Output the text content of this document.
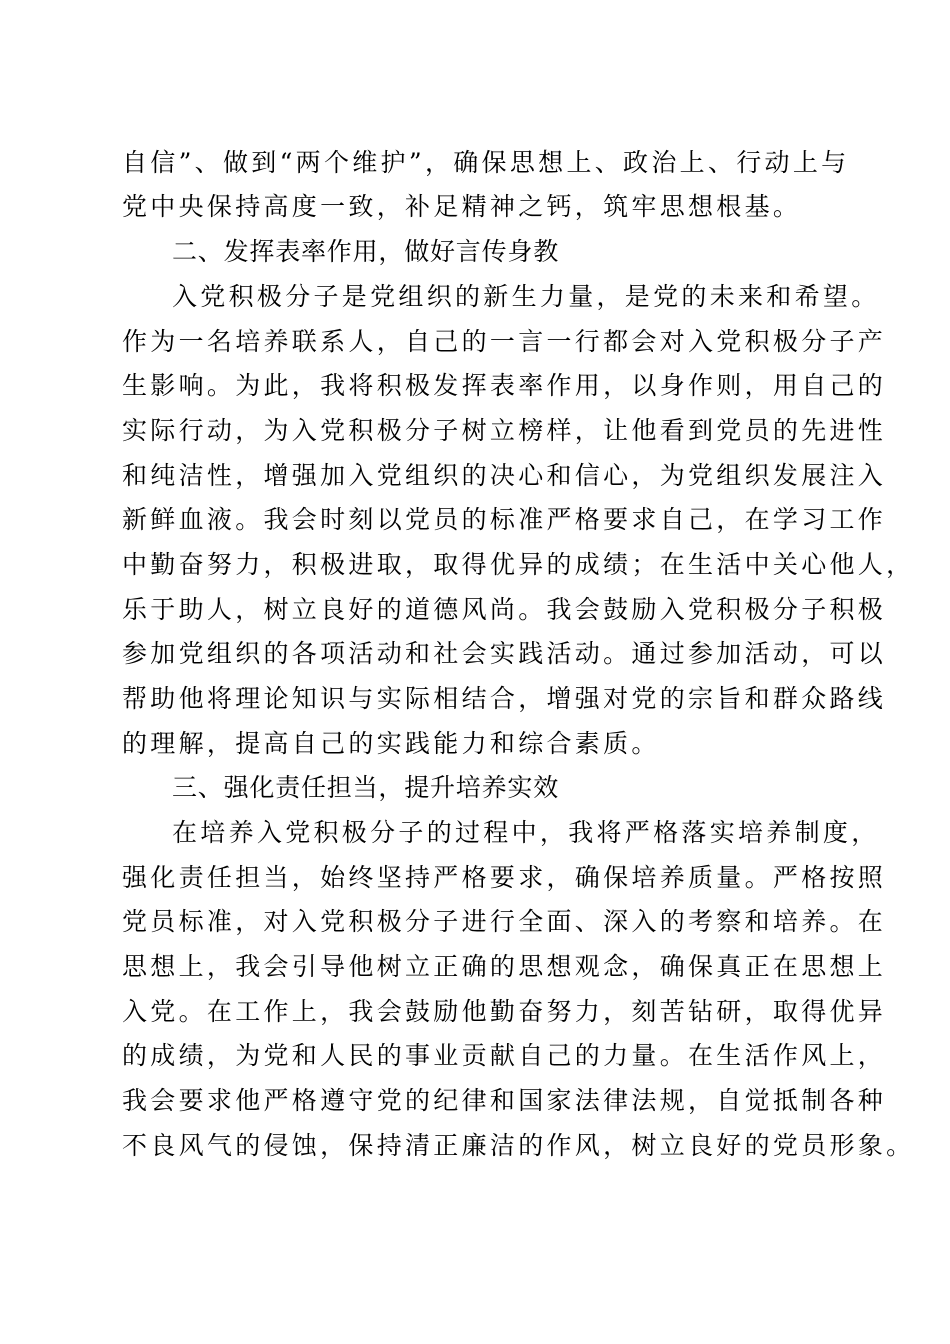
自信”、做到“两个维护”，确保思想上、政治上、行动上与
党中央保持高度一致，补足精神之钙，筑牢思想根基。
二、发挥表率作用，做好言传身教
入党积极分子是党组织的新生力量，是党的未来和希望。
作为一名培养联系人，自己的一言一行都会对入党积极分子产
生影响。为此，我将积极发挥表率作用，以身作则，用自己的
实际行动，为入党积极分子树立榜样，让他看到党员的先进性
和纯洁性，增强加入党组织的决心和信心，为党组织发展注入
新鲜血液。我会时刻以党员的标准严格要求自己，在学习工作
中勤奋努力，积极进取，取得优异的成绩；在生活中关心他人，
乐于助人，树立良好的道德风尚。我会鼓励入党积极分子积极
参加党组织的各项活动和社会实践活动。通过参加活动，可以
帮助他将理论知识与实际相结合，增强对党的宗旨和群众路线
的理解，提高自己的实践能力和综合素质。
三、强化责任担当，提升培养实效
在培养入党积极分子的过程中，我将严格落实培养制度，
强化责任担当，始终坚持严格要求，确保培养质量。严格按照
党员标准，对入党积极分子进行全面、深入的考察和培养。在
思想上，我会引导他树立正确的思想观念，确保真正在思想上
入党。在工作上，我会鼓励他勤奋努力，刻苦钻研，取得优异
的成绩，为党和人民的事业贡献自己的力量。在生活作风上，
我会要求他严格遵守党的纪律和国家法律法规，自觉抵制各种
不良风气的侵蚀，保持清正廉洁的作风，树立良好的党员形象。
